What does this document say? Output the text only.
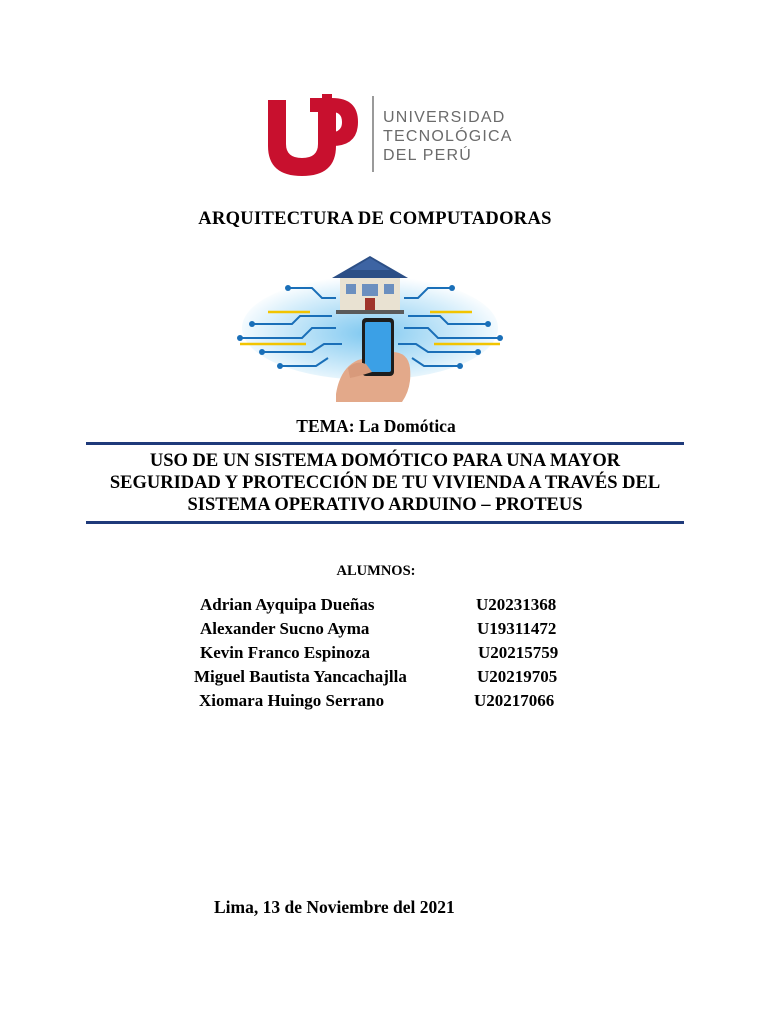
UNIVERSIDAD
TECNOLÓGICA
DEL PERÚ
ARQUITECTURA DE COMPUTADORAS
TEMA: La Domótica
USO DE UN SISTEMA DOMÓTICO PARA UNA MAYOR
SEGURIDAD Y PROTECCIÓN DE TU VIVIENDA A TRAVÉS DEL
SISTEMA OPERATIVO ARDUINO – PROTEUS
ALUMNOS:
Adrian Ayquipa Dueñas	U20231368
Alexander Sucno Ayma	U19311472
Kevin Franco Espinoza	U20215759
Miguel Bautista Yancachajlla	U20219705
Xiomara Huingo Serrano	U20217066
Lima, 13 de Noviembre del 2021
